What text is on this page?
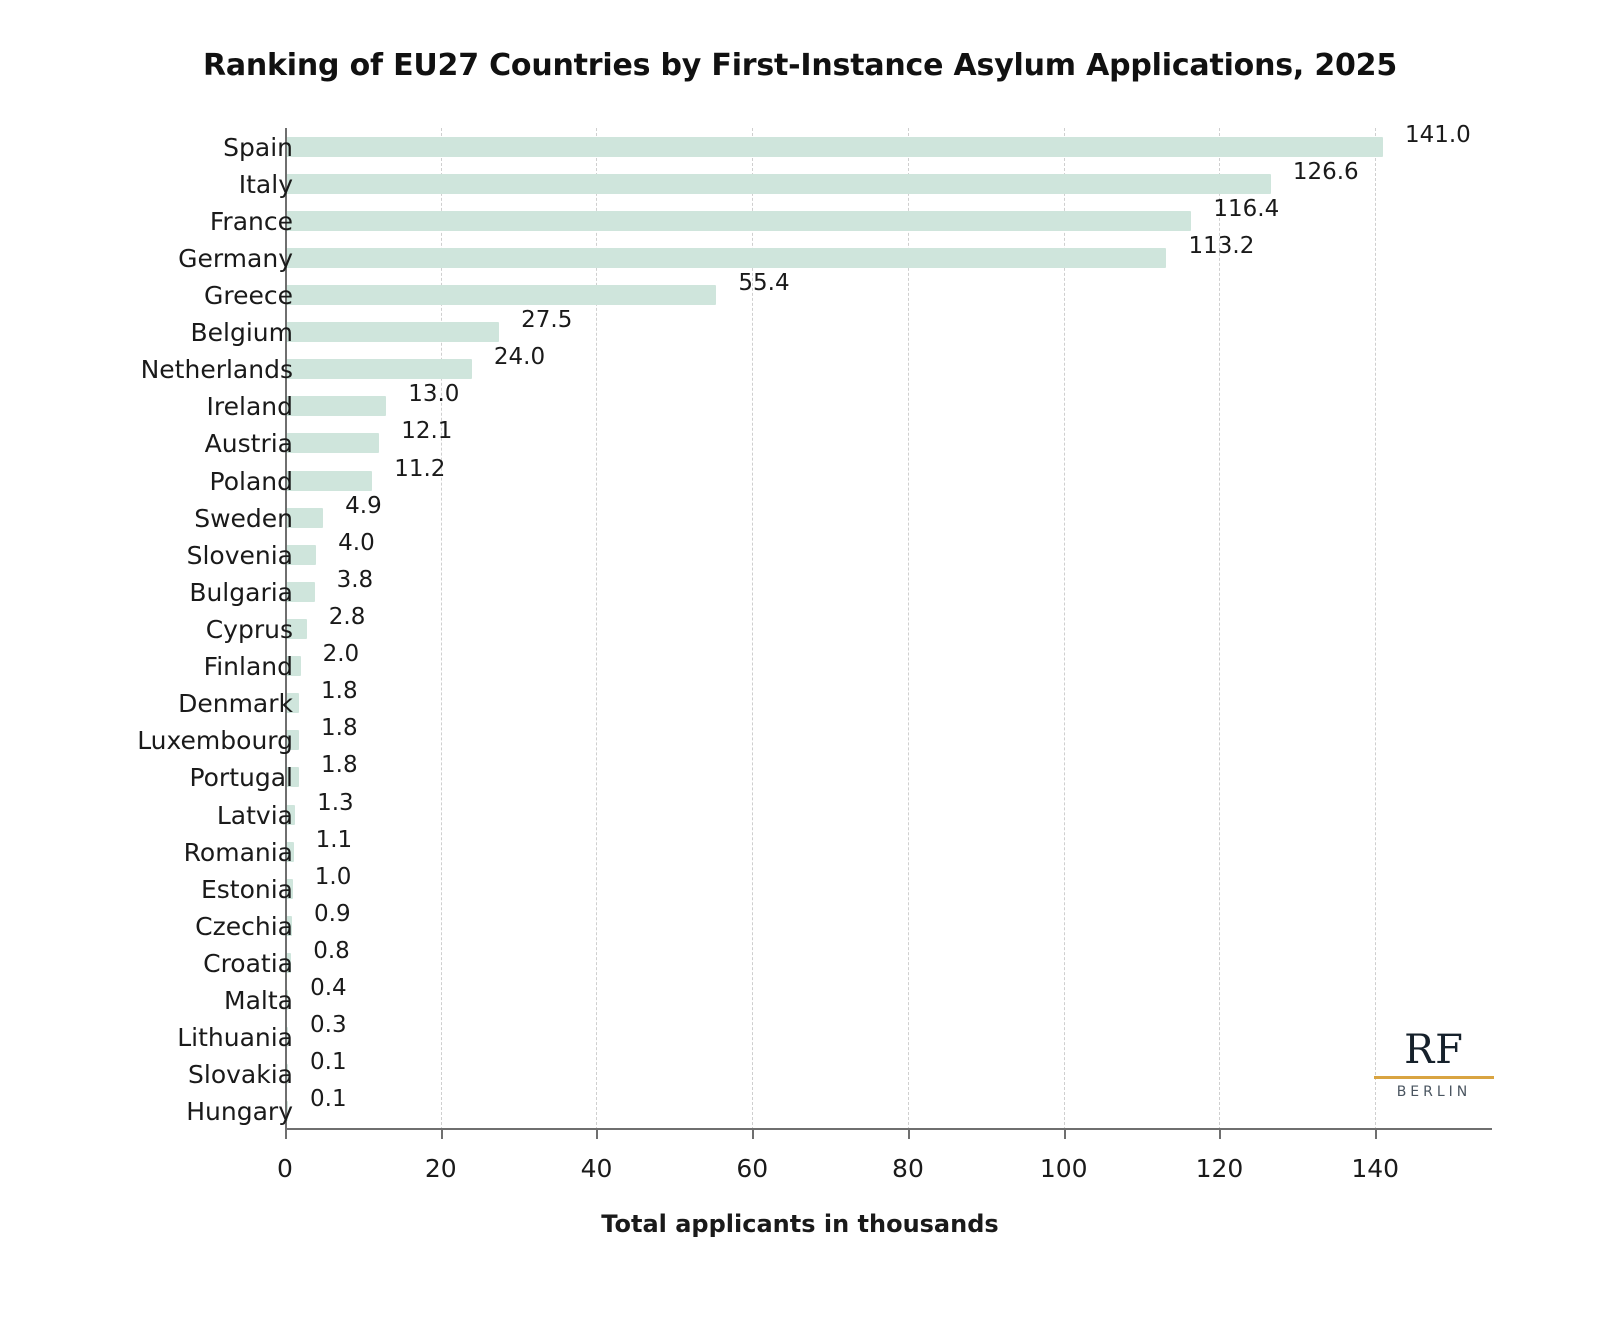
Ranking of EU27 Countries by First-Instance Asylum Applications, 2025
141.0
126.6
116.4
113.2
55.4
27.5
24.0
13.0
12.1
11.2
4.9
4.0
3.8
2.8
2.0
1.8
1.8
1.8
1.3
1.1
1.0
0.9
0.8
0.4
0.3
0.1
0.1
Spain
Italy
France
Germany
Greece
Belgium
Netherlands
Ireland
Austria
Poland
Sweden
Slovenia
Bulgaria
Cyprus
Finland
Denmark
Luxembourg
Portugal
Latvia
Romania
Estonia
Czechia
Croatia
Malta
Lithuania
Slovakia
Hungary
0	20	40	60	80	100	120	140
Total applicants in thousands
RF
BERLIN
